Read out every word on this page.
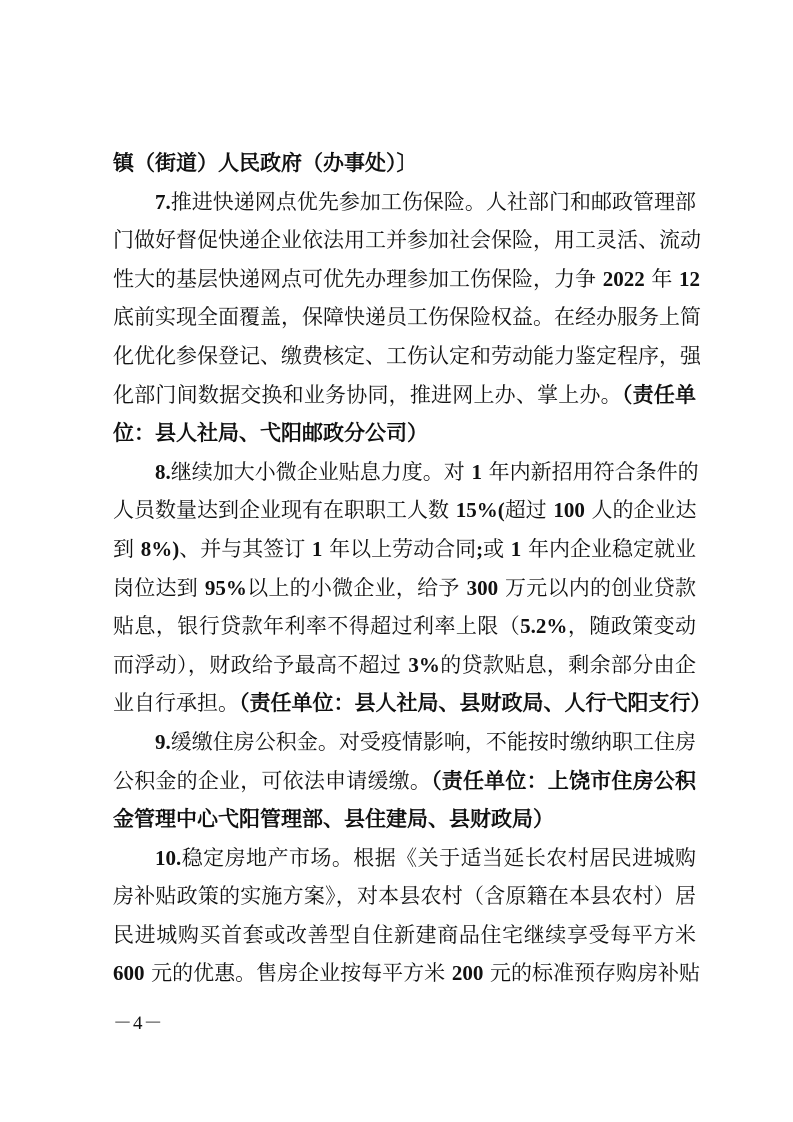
镇（街道）人民政府（办事处）〕
7.推进快递网点优先参加工伤保险。人社部门和邮政管理部
门做好督促快递企业依法用工并参加社会保险，用工灵活、流动
性大的基层快递网点可优先办理参加工伤保险，力争 2022 年 12
底前实现全面覆盖，保障快递员工伤保险权益。在经办服务上简
化优化参保登记、缴费核定、工伤认定和劳动能力鉴定程序，强
化部门间数据交换和业务协同，推进网上办、掌上办。（责任单
位：县人社局、弋阳邮政分公司）
8.继续加大小微企业贴息力度。对 1 年内新招用符合条件的
人员数量达到企业现有在职职工人数 15%(超过 100 人的企业达
到 8%)、并与其签订 1 年以上劳动合同;或 1 年内企业稳定就业
岗位达到 95%以上的小微企业，给予 300 万元以内的创业贷款
贴息，银行贷款年利率不得超过利率上限（5.2%，随政策变动
而浮动），财政给予最高不超过 3%的贷款贴息，剩余部分由企
业自行承担。（责任单位：县人社局、县财政局、人行弋阳支行）
9.缓缴住房公积金。对受疫情影响，不能按时缴纳职工住房
公积金的企业，可依法申请缓缴。（责任单位：上饶市住房公积
金管理中心弋阳管理部、县住建局、县财政局）
10.稳定房地产市场。根据《关于适当延长农村居民进城购
房补贴政策的实施方案》，对本县农村（含原籍在本县农村）居
民进城购买首套或改善型自住新建商品住宅继续享受每平方米
600 元的优惠。售房企业按每平方米 200 元的标准预存购房补贴
－4－
